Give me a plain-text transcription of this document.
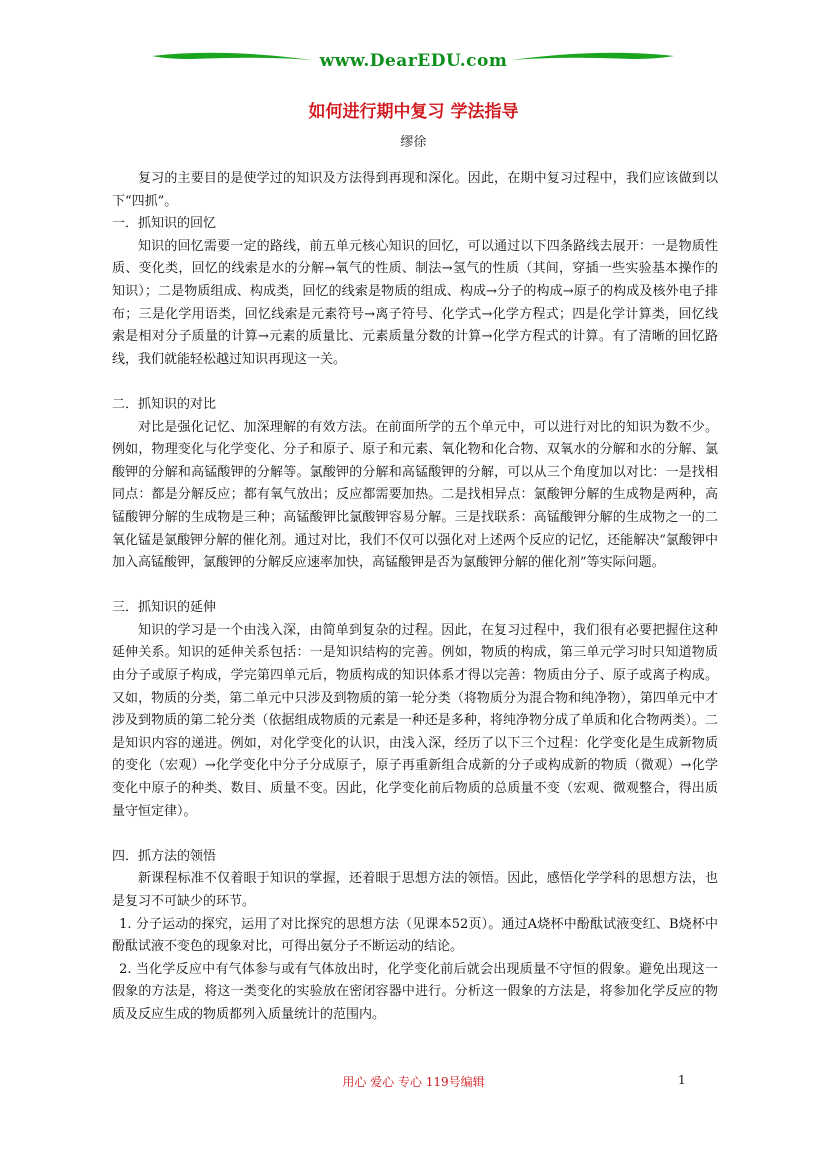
www.DearEDU.com
如何进行期中复习 学法指导
缪徐

复习的主要目的是使学过的知识及方法得到再现和深化。因此，在期中复习过程中，我们应该做到以下“四抓”。

一．抓知识的回忆

知识的回忆需要一定的路线，前五单元核心知识的回忆，可以通过以下四条路线去展开：一是物质性质、变化类，回忆的线索是水的分解→氧气的性质、制法→氢气的性质（其间，穿插一些实验基本操作的知识）；二是物质组成、构成类，回忆的线索是物质的组成、构成→分子的构成→原子的构成及核外电子排布；三是化学用语类，回忆线索是元素符号→离子符号、化学式→化学方程式；四是化学计算类，回忆线索是相对分子质量的计算→元素的质量比、元素质量分数的计算→化学方程式的计算。有了清晰的回忆路线，我们就能轻松越过知识再现这一关。

二．抓知识的对比

对比是强化记忆、加深理解的有效方法。在前面所学的五个单元中，可以进行对比的知识为数不少。例如，物理变化与化学变化、分子和原子、原子和元素、氧化物和化合物、双氧水的分解和水的分解、氯酸钾的分解和高锰酸钾的分解等。氯酸钾的分解和高锰酸钾的分解，可以从三个角度加以对比：一是找相同点：都是分解反应；都有氧气放出；反应都需要加热。二是找相异点：氯酸钾分解的生成物是两种，高锰酸钾分解的生成物是三种；高锰酸钾比氯酸钾容易分解。三是找联系：高锰酸钾分解的生成物之一的二氧化锰是氯酸钾分解的催化剂。通过对比，我们不仅可以强化对上述两个反应的记忆，还能解决“氯酸钾中加入高锰酸钾，氯酸钾的分解反应速率加快，高锰酸钾是否为氯酸钾分解的催化剂”等实际问题。

三．抓知识的延伸

知识的学习是一个由浅入深，由简单到复杂的过程。因此，在复习过程中，我们很有必要把握住这种延伸关系。知识的延伸关系包括：一是知识结构的完善。例如，物质的构成，第三单元学习时只知道物质由分子或原子构成，学完第四单元后，物质构成的知识体系才得以完善：物质由分子、原子或离子构成。又如，物质的分类，第二单元中只涉及到物质的第一轮分类（将物质分为混合物和纯净物），第四单元中才涉及到物质的第二轮分类（依据组成物质的元素是一种还是多种，将纯净物分成了单质和化合物两类）。二是知识内容的递进。例如，对化学变化的认识，由浅入深，经历了以下三个过程：化学变化是生成新物质的变化（宏观）→化学变化中分子分成原子，原子再重新组合成新的分子或构成新的物质（微观）→化学变化中原子的种类、数目、质量不变。因此，化学变化前后物质的总质量不变（宏观、微观整合，得出质量守恒定律）。

四．抓方法的领悟

新课程标准不仅着眼于知识的掌握，还着眼于思想方法的领悟。因此，感悟化学学科的思想方法，也是复习不可缺少的环节。

1. 分子运动的探究，运用了对比探究的思想方法（见课本52页）。通过A烧杯中酚酞试液变红、B烧杯中酚酞试液不变色的现象对比，可得出氨分子不断运动的结论。

2. 当化学反应中有气体参与或有气体放出时，化学变化前后就会出现质量不守恒的假象。避免出现这一假象的方法是，将这一类变化的实验放在密闭容器中进行。分析这一假象的方法是，将参加化学反应的物质及反应生成的物质都列入质量统计的范围内。

用心 爱心 专心 119号编辑	1
